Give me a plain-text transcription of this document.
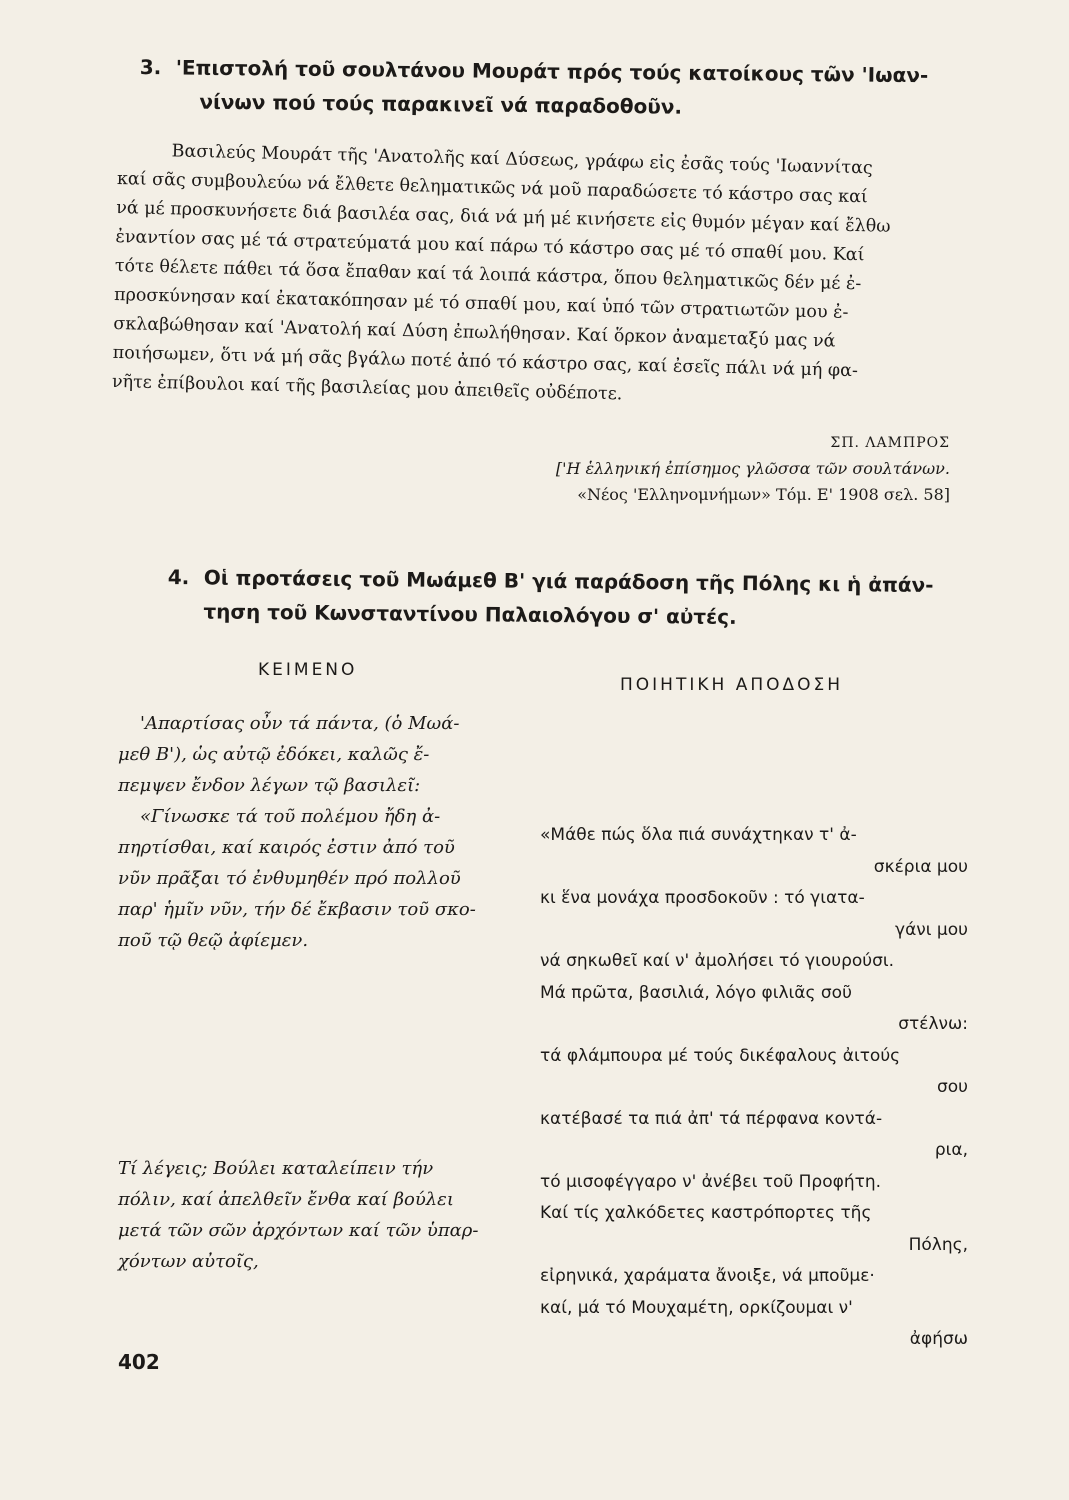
3. 'Επιστολή τοῦ σουλτάνου Μουράτ πρός τούς κατοίκους τῶν 'Ιωαν-
νίνων πού τούς παρακινεῖ νά παραδοθοῦν.
Βασιλεύς Μουράτ τῆς 'Ανατολῆς καί Δύσεως, γράφω εἰς ἐσᾶς τούς 'Ιωαννίτας
καί σᾶς συμβουλεύω νά ἔλθετε θεληματικῶς νά μοῦ παραδώσετε τό κάστρο σας καί
νά μέ προσκυνήσετε διά βασιλέα σας, διά νά μή μέ κινήσετε εἰς θυμόν μέγαν καί ἔλθω
ἐναντίον σας μέ τά στρατεύματά μου καί πάρω τό κάστρο σας μέ τό σπαθί μου. Καί
τότε θέλετε πάθει τά ὅσα ἔπαθαν καί τά λοιπά κάστρα, ὅπου θεληματικῶς δέν μέ ἐ-
προσκύνησαν καί ἐκατακόπησαν μέ τό σπαθί μου, καί ὑπό τῶν στρατιωτῶν μου ἐ-
σκλαβώθησαν καί 'Ανατολή καί Δύση ἐπωλήθησαν. Καί ὅρκον ἀναμεταξύ μας νά
ποιήσωμεν, ὅτι νά μή σᾶς βγάλω ποτέ ἀπό τό κάστρο σας, καί ἐσεῖς πάλι νά μή φα-
νῆτε ἐπίβουλοι καί τῆς βασιλείας μου ἀπειθεῖς οὐδέποτε.
ΣΠ. ΛΑΜΠΡΟΣ
['Η ἑλληνική ἐπίσημος γλῶσσα τῶν σουλτάνων.
«Νέος 'Ελληνομνήμων» Τόμ. Ε' 1908 σελ. 58]
4. Οἱ προτάσεις τοῦ Μωάμεθ Β' γιά παράδοση τῆς Πόλης κι ἡ ἀπάν-
τηση τοῦ Κωνσταντίνου Παλαιολόγου σ' αὐτές.
ΚΕΙΜΕΝΟ
ΠΟΙΗΤΙΚΗ ΑΠΟΔΟΣΗ
'Απαρτίσας οὖν τά πάντα, (ὁ Μωά-
μεθ Β'), ὡς αὐτῷ ἐδόκει, καλῶς ἔ-
πεμψεν ἔνδον λέγων τῷ βασιλεῖ:
«Γίνωσκε τά τοῦ πολέμου ἤδη ἀ-
πηρτίσθαι, καί καιρός ἐστιν ἀπό τοῦ
νῦν πρᾶξαι τό ἐνθυμηθέν πρό πολλοῦ
παρ' ἡμῖν νῦν, τήν δέ ἔκβασιν τοῦ σκο-
ποῦ τῷ θεῷ ἀφίεμεν.
Τί λέγεις; Βούλει καταλείπειν τήν
πόλιν, καί ἀπελθεῖν ἔνθα καί βούλει
μετά τῶν σῶν ἀρχόντων καί τῶν ὑπαρ-
χόντων αὐτοῖς,
«Μάθε πώς ὅλα πιά συνάχτηκαν τ' ἀ-
σκέρια μου
κι ἕνα μονάχα προσδοκοῦν : τό γιατα-
γάνι μου
νά σηκωθεῖ καί ν' ἀμολήσει τό γιουρούσι.
Μά πρῶτα, βασιλιά, λόγο φιλιᾶς σοῦ
στέλνω:
τά φλάμπουρα μέ τούς δικέφαλους ἀιτούς
σου
κατέβασέ τα πιά ἀπ' τά πέρφανα κοντά-
ρια,
τό μισοφέγγαρο ν' ἀνέβει τοῦ Προφήτη.
Καί τίς χαλκόδετες καστρόπορτες τῆς
Πόλης,
εἰρηνικά, χαράματα ἄνοιξε, νά μποῦμε·
καί, μά τό Μουχαμέτη, ορκίζουμαι ν'
ἀφήσω
402
